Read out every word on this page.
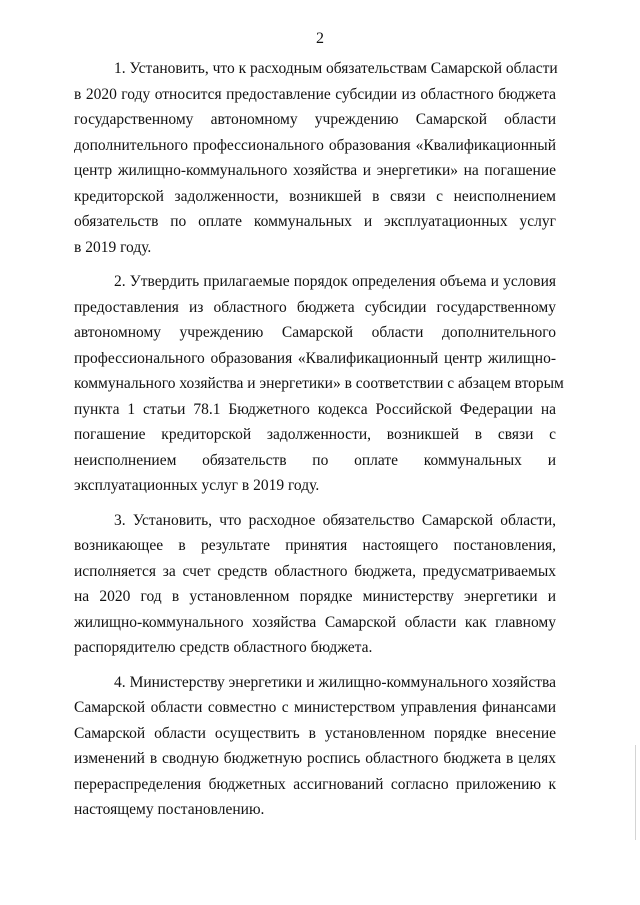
2
1. Установить, что к расходным обязательствам Самарской области
в 2020 году относится предоставление субсидии из областного бюджета
государственному автономному учреждению Самарской области
дополнительного профессионального образования «Квалификационный
центр жилищно-коммунального хозяйства и энергетики» на погашение
кредиторской задолженности, возникшей в связи с неисполнением
обязательств по оплате коммунальных и эксплуатационных услуг
в 2019 году.
2. Утвердить прилагаемые порядок определения объема и условия
предоставления из областного бюджета субсидии государственному
автономному учреждению Самарской области дополнительного
профессионального образования «Квалификационный центр жилищно-
коммунального хозяйства и энергетики» в соответствии с абзацем вторым
пункта 1 статьи 78.1 Бюджетного кодекса Российской Федерации на
погашение кредиторской задолженности, возникшей в связи с
неисполнением обязательств по оплате коммунальных и
эксплуатационных услуг в 2019 году.
3. Установить, что расходное обязательство Самарской области,
возникающее в результате принятия настоящего постановления,
исполняется за счет средств областного бюджета, предусматриваемых
на 2020 год в установленном порядке министерству энергетики и
жилищно-коммунального хозяйства Самарской области как главному
распорядителю средств областного бюджета.
4. Министерству энергетики и жилищно-коммунального хозяйства
Самарской области совместно с министерством управления финансами
Самарской области осуществить в установленном порядке внесение
изменений в сводную бюджетную роспись областного бюджета в целях
перераспределения бюджетных ассигнований согласно приложению к
настоящему постановлению.
